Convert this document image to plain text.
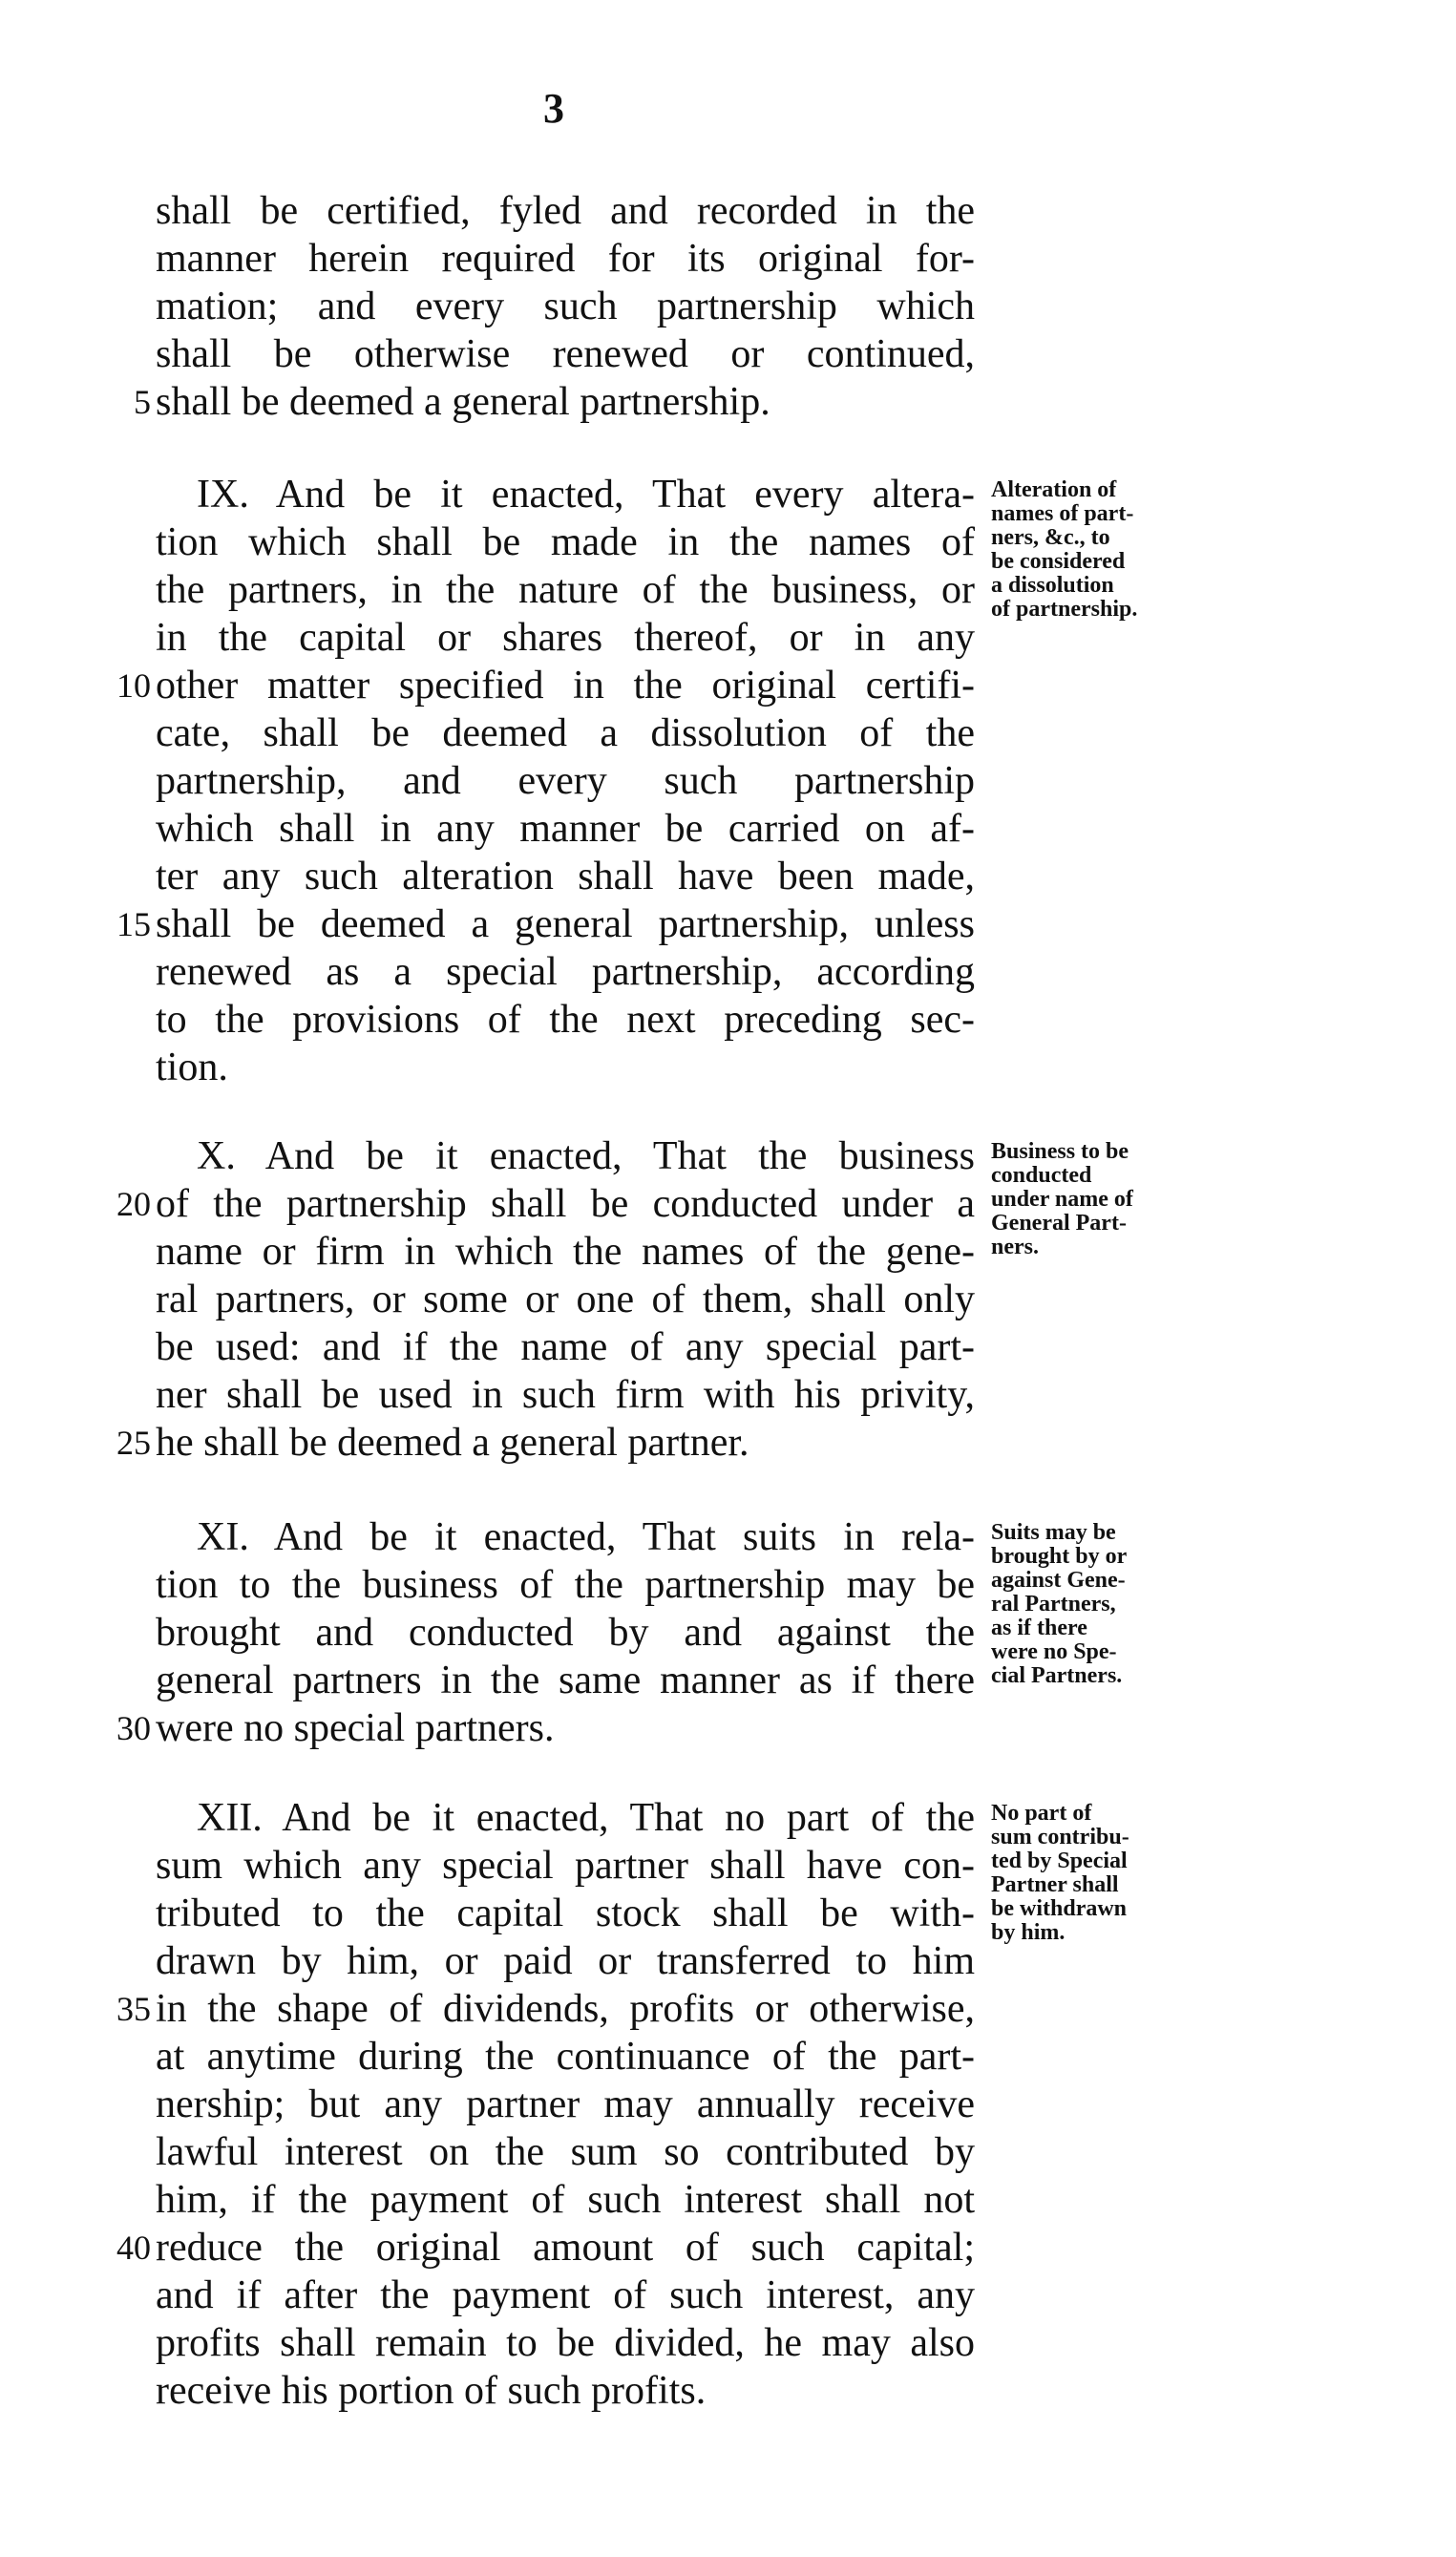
3
shall be certified, fyled and recorded in the
manner herein required for its original for-
mation; and every such partnership which
shall be otherwise renewed or continued,
shall be deemed a general partnership.
5
IX. And be it enacted, That every altera-
tion which shall be made in the names of
the partners, in the nature of the business, or
in the capital or shares thereof, or in any
other matter specified in the original certifi-
10
cate, shall be deemed a dissolution of the
partnership, and every such partnership
which shall in any manner be carried on af-
ter any such alteration shall have been made,
shall be deemed a general partnership, unless
15
renewed as a special partnership, according
to the provisions of the next preceding sec-
tion.
Alteration of
names of part-
ners, &c., to
be considered
a dissolution
of partnership.
X. And be it enacted, That the business
of the partnership shall be conducted under a
20
name or firm in which the names of the gene-
ral partners, or some or one of them, shall only
be used: and if the name of any special part-
ner shall be used in such firm with his privity,
he shall be deemed a general partner.
25
Business to be
conducted
under name of
General Part-
ners.
XI. And be it enacted, That suits in rela-
tion to the business of the partnership may be
brought and conducted by and against the
general partners in the same manner as if there
were no special partners.
30
Suits may be
brought by or
against Gene-
ral Partners,
as if there
were no Spe-
cial Partners.
XII. And be it enacted, That no part of the
sum which any special partner shall have con-
tributed to the capital stock shall be with-
drawn by him, or paid or transferred to him
in the shape of dividends, profits or otherwise,
35
at anytime during the continuance of the part-
nership; but any partner may annually receive
lawful interest on the sum so contributed by
him, if the payment of such interest shall not
reduce the original amount of such capital;
40
and if after the payment of such interest, any
profits shall remain to be divided, he may also
receive his portion of such profits.
No part of
sum contribu-
ted by Special
Partner shall
be withdrawn
by him.
